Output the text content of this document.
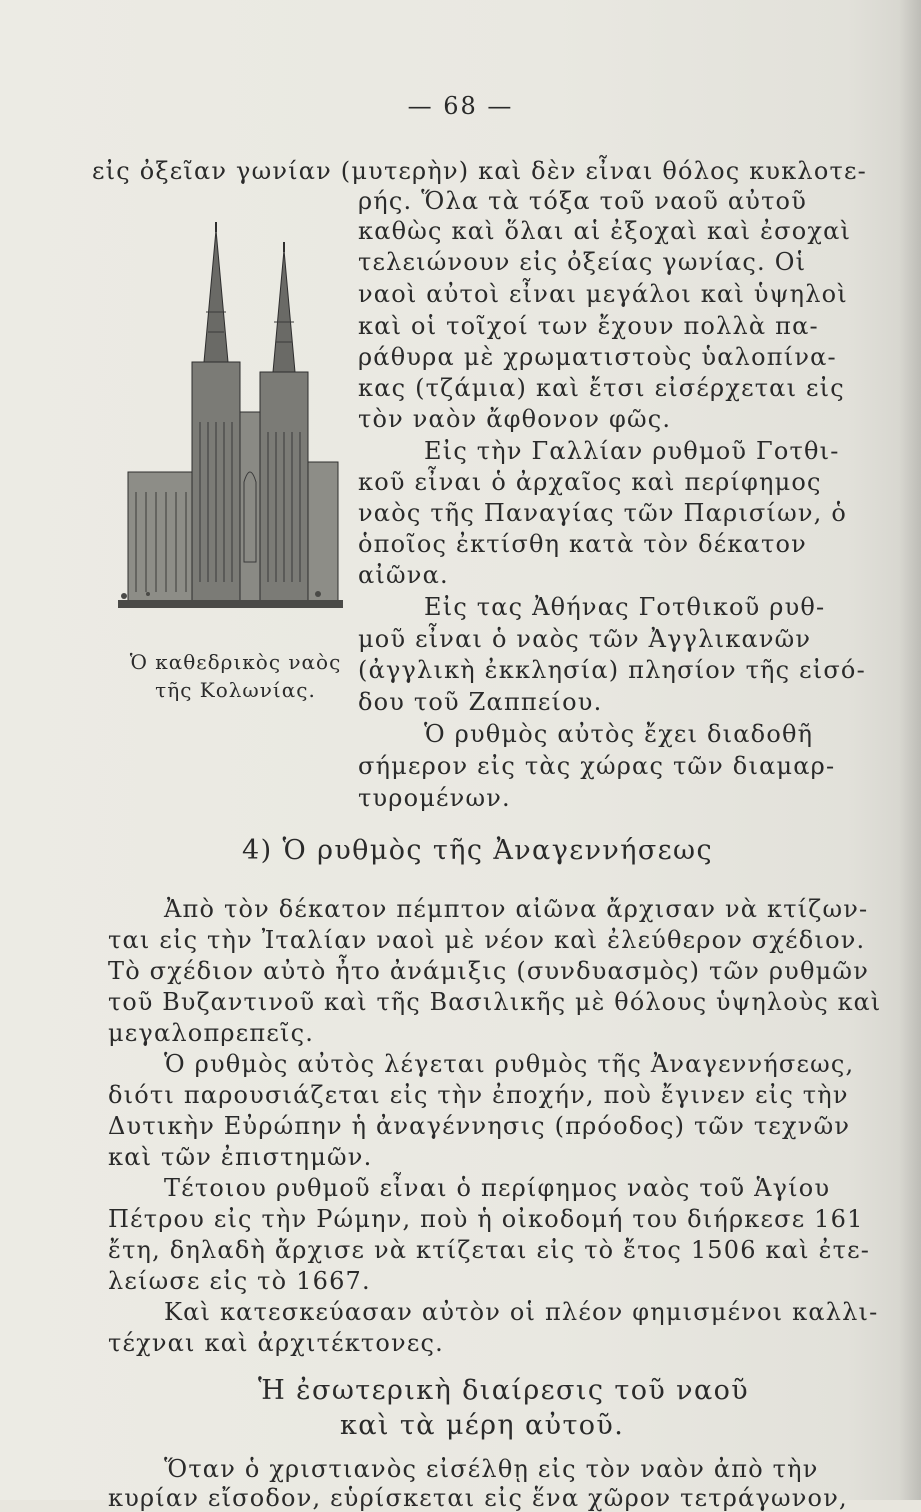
— 68 —
Ὁ καθεδρικὸς ναὸς
τῆς Κολωνίας.
εἰς ὀξεῖαν γωνίαν (μυτερὴν) καὶ δὲν εἶναι θόλος κυκλοτε-
ρής. Ὅλα τὰ τόξα τοῦ ναοῦ αὐτοῦ
καθὼς καὶ ὅλαι αἱ ἐξοχαὶ καὶ ἐσοχαὶ
τελειώνουν εἰς ὀξείας γωνίας. Οἱ
ναοὶ αὐτοὶ εἶναι μεγάλοι καὶ ὑψηλοὶ
καὶ οἱ τοῖχοί των ἔχουν πολλὰ πα-
ράθυρα μὲ χρωματιστοὺς ὑαλοπίνα-
κας (τζάμια) καὶ ἔτσι εἰσέρχεται εἰς
τὸν ναὸν ἄφθονον φῶς.
Εἰς τὴν Γαλλίαν ρυθμοῦ Γοτθι-
κοῦ εἶναι ὁ ἀρχαῖος καὶ περίφημος
ναὸς τῆς Παναγίας τῶν Παρισίων, ὁ
ὁποῖος ἐκτίσθη κατὰ τὸν δέκατον
αἰῶνα.
Εἰς τας Ἀθήνας Γοτθικοῦ ρυθ-
μοῦ εἶναι ὁ ναὸς τῶν Ἀγγλικανῶν
(ἀγγλικὴ ἐκκλησία) πλησίον τῆς εἰσό-
δου τοῦ Ζαππείου.
Ὁ ρυθμὸς αὐτὸς ἔχει διαδοθῆ
σήμερον εἰς τὰς χώρας τῶν διαμαρ-
τυρομένων.
4) Ὁ ρυθμὸς τῆς Ἀναγεννήσεως
Ἀπὸ τὸν δέκατον πέμπτον αἰῶνα ἄρχισαν νὰ κτίζων-
ται εἰς τὴν Ἰταλίαν ναοὶ μὲ νέον καὶ ἐλεύθερον σχέδιον.
Τὸ σχέδιον αὐτὸ ἦτο ἀνάμιξις (συνδυασμὸς) τῶν ρυθμῶν
τοῦ Βυζαντινοῦ καὶ τῆς Βασιλικῆς μὲ θόλους ὑψηλοὺς καὶ
μεγαλοπρεπεῖς.
Ὁ ρυθμὸς αὐτὸς λέγεται ρυθμὸς τῆς Ἀναγεννήσεως,
διότι παρουσιάζεται εἰς τὴν ἐποχήν, ποὺ ἔγινεν εἰς τὴν
Δυτικὴν Εὐρώπην ἡ ἀναγέννησις (πρόοδος) τῶν τεχνῶν
καὶ τῶν ἐπιστημῶν.
Τέτοιου ρυθμοῦ εἶναι ὁ περίφημος ναὸς τοῦ Ἁγίου
Πέτρου εἰς τὴν Ρώμην, ποὺ ἡ οἰκοδομή του διήρκεσε 161
ἔτη, δηλαδὴ ἄρχισε νὰ κτίζεται εἰς τὸ ἔτος 1506 καὶ ἐτε-
λείωσε εἰς τὸ 1667.
Καὶ κατεσκεύασαν αὐτὸν οἱ πλέον φημισμένοι καλλι-
τέχναι καὶ ἀρχιτέκτονες.
Ἡ ἐσωτερικὴ διαίρεσις τοῦ ναοῦ
καὶ τὰ μέρη αὐτοῦ.
Ὅταν ὁ χριστιανὸς εἰσέλθῃ εἰς τὸν ναὸν ἀπὸ τὴν
κυρίαν εἴσοδον, εὑρίσκεται εἰς ἕνα χῶρον τετράγωνον,
